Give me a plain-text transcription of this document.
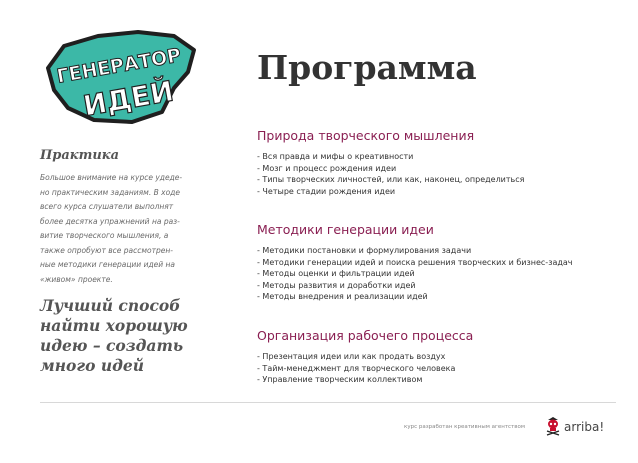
ГЕНЕРАТОР
ИДЕЙ
Практика
Большое внимание на курсе удеде-
но практическим заданиям. В ходе
всего курса слушатели выполнят
более десятка упражнений на раз-
витие творческого мышления, а
также опробуют все рассмотрен-
ные методики генерации идей на
«живом» проекте.
Лучший способ
найти хорошую
идею – создать
много идей
Программа
Природа творческого мышления
- Вся правда и мифы о креативности
- Мозг и процесс рождения идеи
- Типы творческих личностей, или как, наконец, определиться
- Четыре стадии рождения идеи
Методики генерации идеи
- Методики постановки и формулирования задачи
- Методики генерации идей и поиска решения творческих и бизнес-задач
- Методы оценки и фильтрации идей
- Методы развития и доработки идей
- Методы внедрения и реализации идей
Организация рабочего процесса
- Презентация идеи или как продать воздух
- Тайм-менеджмент для творческого человека
- Управление творческим коллективом
курс разработан креативным агентством	arriba!
